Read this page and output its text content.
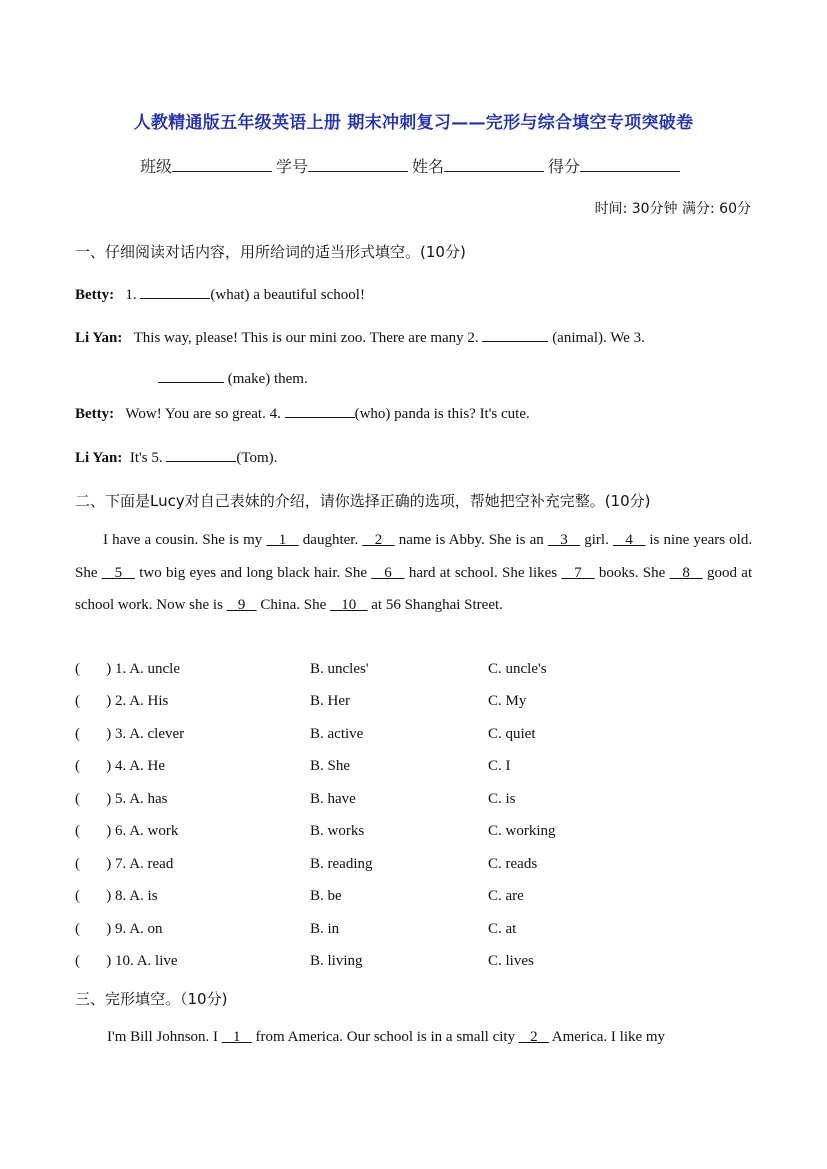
人教精通版五年级英语上册 期末冲刺复习——完形与综合填空专项突破卷
班级	学号	姓名	得分
时间: 30分钟 满分: 60分
一、仔细阅读对话内容，用所给词的适当形式填空。(10分)
Betty: 1.	(what) a beautiful school!
Li Yan: This way, please! This is our mini zoo. There are many 2.	(animal). We 3.
(make) them.
Betty: Wow! You are so great. 4.	(who) panda is this? It's cute.
Li Yan: It's 5.	(Tom).
二、下面是Lucy对自己表妹的介绍，请你选择正确的选项，帮她把空补充完整。(10分)

I have a cousin. She is my 1 daughter. 2 name is Abby. She is an 3 girl. 4 is nine years old. She 5 two big eyes and long black hair. She 6 hard at school. She likes 7 books. She 8 good at school work. Now she is 9 China. She 10 at 56 Shanghai Street.

(       ) 1. A. uncle	B. uncles'	C. uncle's
(       ) 2. A. His	B. Her	C. My
(       ) 3. A. clever	B. active	C. quiet
(       ) 4. A. He	B. She	C. I
(       ) 5. A. has	B. have	C. is
(       ) 6. A. work	B. works	C. working
(       ) 7. A. read	B. reading	C. reads
(       ) 8. A. is	B. be	C. are
(       ) 9. A. on	B. in	C. at
(       ) 10. A. live	B. living	C. lives
三、完形填空。（10分)
I'm Bill Johnson. I 1 from America. Our school is in a small city 2 America. I like my
